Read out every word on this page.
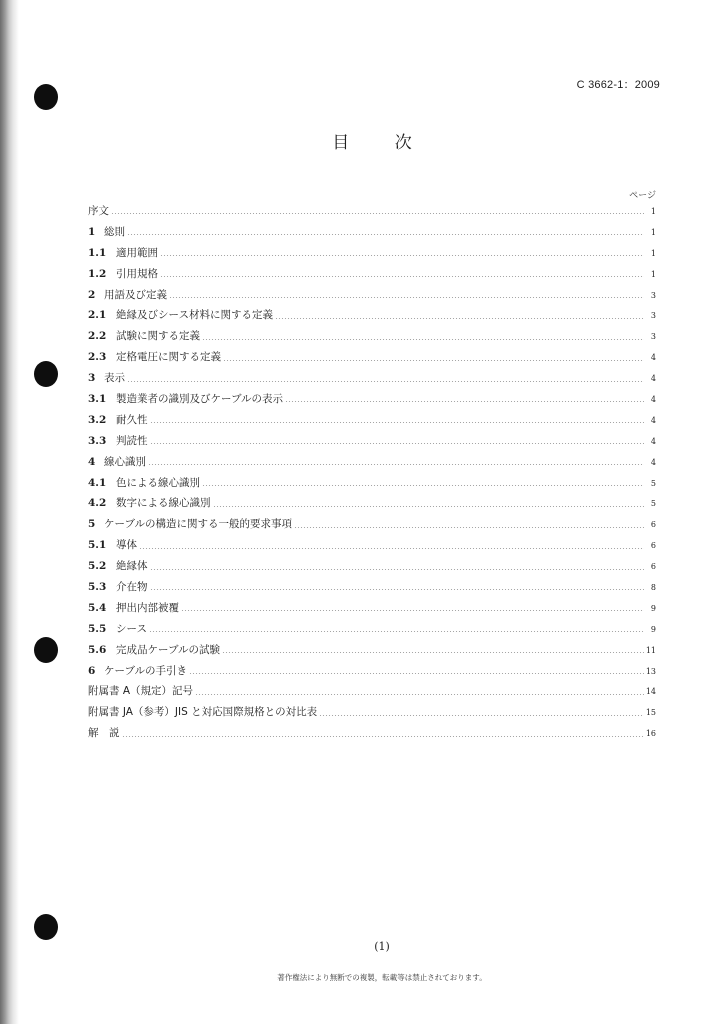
C 3662-1：2009
目 次
ページ
序文	1
1 総則	1
1.1 適用範囲	1
1.2 引用規格	1
2 用語及び定義	3
2.1 絶縁及びシース材料に関する定義	3
2.2 試験に関する定義	3
2.3 定格電圧に関する定義	4
3 表示	4
3.1 製造業者の識別及びケーブルの表示	4
3.2 耐久性	4
3.3 判読性	4
4 線心識別	4
4.1 色による線心識別	5
4.2 数字による線心識別	5
5 ケーブルの構造に関する一般的要求事項	6
5.1 導体	6
5.2 絶縁体	6
5.3 介在物	8
5.4 押出内部被覆	9
5.5 シース	9
5.6 完成品ケーブルの試験	11
6 ケーブルの手引き	13
附属書 A（規定）記号	14
附属書 JA（参考）JIS と対応国際規格との対比表	15
解　説	16
(1)
著作権法により無断での複製，転載等は禁止されております。
